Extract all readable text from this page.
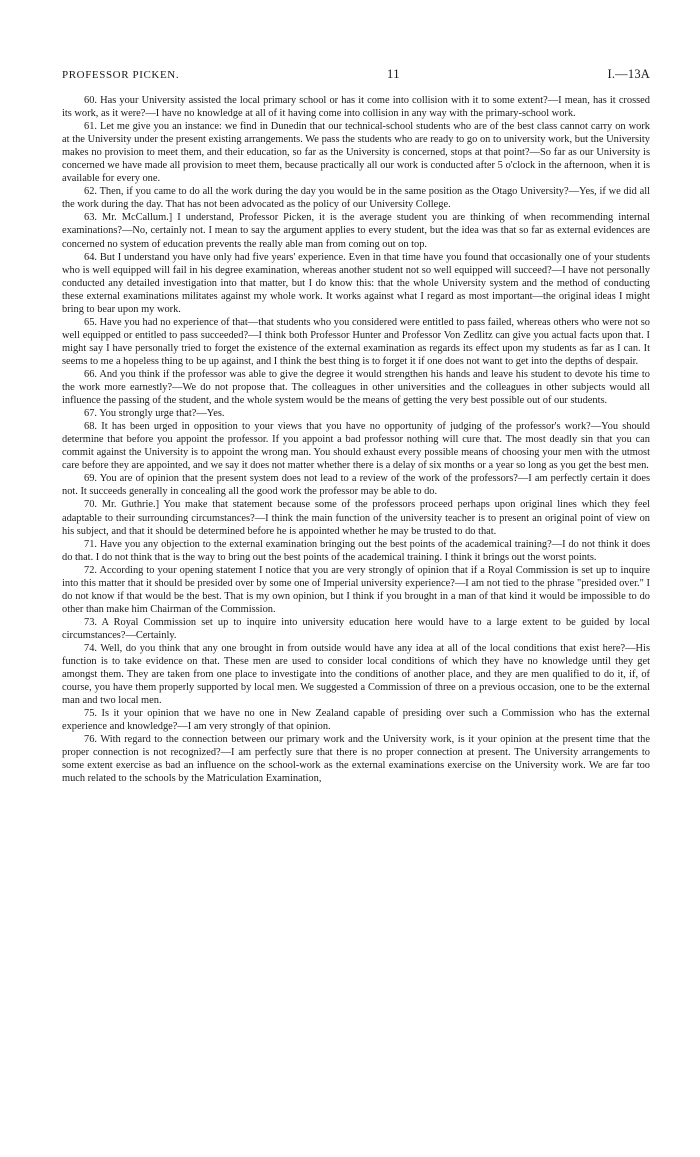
PROFESSOR PICKEN.	11	I.—13A

60. Has your University assisted the local primary school or has it come into collision with it to some extent?—I mean, has it crossed its work, as it were?—I have no knowledge at all of it having come into collision in any way with the primary-school work.

61. Let me give you an instance: we find in Dunedin that our technical-school students who are of the best class cannot carry on work at the University under the present existing arrangements. We pass the students who are ready to go on to university work, but the University makes no provision to meet them, and their education, so far as the University is concerned, stops at that point?—So far as our University is concerned we have made all provision to meet them, because practically all our work is conducted after 5 o'clock in the afternoon, when it is available for every one.

62. Then, if you came to do all the work during the day you would be in the same position as the Otago University?—Yes, if we did all the work during the day. That has not been advocated as the policy of our University College.

63. Mr. McCallum.] I understand, Professor Picken, it is the average student you are thinking of when recommending internal examinations?—No, certainly not. I mean to say the argument applies to every student, but the idea was that so far as external evidences are concerned no system of education prevents the really able man from coming out on top.

64. But I understand you have only had five years' experience. Even in that time have you found that occasionally one of your students who is well equipped will fail in his degree examination, whereas another student not so well equipped will succeed?—I have not personally conducted any detailed investigation into that matter, but I do know this: that the whole University system and the method of conducting these external examinations militates against my whole work. It works against what I regard as most important—the original ideas I might bring to bear upon my work.

65. Have you had no experience of that—that students who you considered were entitled to pass failed, whereas others who were not so well equipped or entitled to pass succeeded?—I think both Professor Hunter and Professor Von Zedlitz can give you actual facts upon that. I might say I have personally tried to forget the existence of the external examination as regards its effect upon my students as far as I can. It seems to me a hopeless thing to be up against, and I think the best thing is to forget it if one does not want to get into the depths of despair.

66. And you think if the professor was able to give the degree it would strengthen his hands and leave his student to devote his time to the work more earnestly?—We do not propose that. The colleagues in other universities and the colleagues in other subjects would all influence the passing of the student, and the whole system would be the means of getting the very best possible out of our students.

67. You strongly urge that?—Yes.

68. It has been urged in opposition to your views that you have no opportunity of judging of the professor's work?—You should determine that before you appoint the professor. If you appoint a bad professor nothing will cure that. The most deadly sin that you can commit against the University is to appoint the wrong man. You should exhaust every possible means of choosing your men with the utmost care before they are appointed, and we say it does not matter whether there is a delay of six months or a year so long as you get the best men.

69. You are of opinion that the present system does not lead to a review of the work of the professors?—I am perfectly certain it does not. It succeeds generally in concealing all the good work the professor may be able to do.

70. Mr. Guthrie.] You make that statement because some of the professors proceed perhaps upon original lines which they feel adaptable to their surrounding circumstances?—I think the main function of the university teacher is to present an original point of view on his subject, and that it should be determined before he is appointed whether he may be trusted to do that.

71. Have you any objection to the external examination bringing out the best points of the academical training?—I do not think it does do that. I do not think that is the way to bring out the best points of the academical training. I think it brings out the worst points.

72. According to your opening statement I notice that you are very strongly of opinion that if a Royal Commission is set up to inquire into this matter that it should be presided over by some one of Imperial university experience?—I am not tied to the phrase "presided over." I do not know if that would be the best. That is my own opinion, but I think if you brought in a man of that kind it would be impossible to do other than make him Chairman of the Commission.

73. A Royal Commission set up to inquire into university education here would have to a large extent to be guided by local circumstances?—Certainly.

74. Well, do you think that any one brought in from outside would have any idea at all of the local conditions that exist here?—His function is to take evidence on that. These men are used to consider local conditions of which they have no knowledge until they get amongst them. They are taken from one place to investigate into the conditions of another place, and they are men qualified to do it, if, of course, you have them properly supported by local men. We suggested a Commission of three on a previous occasion, one to be the external man and two local men.

75. Is it your opinion that we have no one in New Zealand capable of presiding over such a Commission who has the external experience and knowledge?—I am very strongly of that opinion.

76. With regard to the connection between our primary work and the University work, is it your opinion at the present time that the proper connection is not recognized?—I am perfectly sure that there is no proper connection at present. The University arrangements to some extent exercise as bad an influence on the school-work as the external examinations exercise on the University work. We are far too much related to the schools by the Matriculation Examination,
